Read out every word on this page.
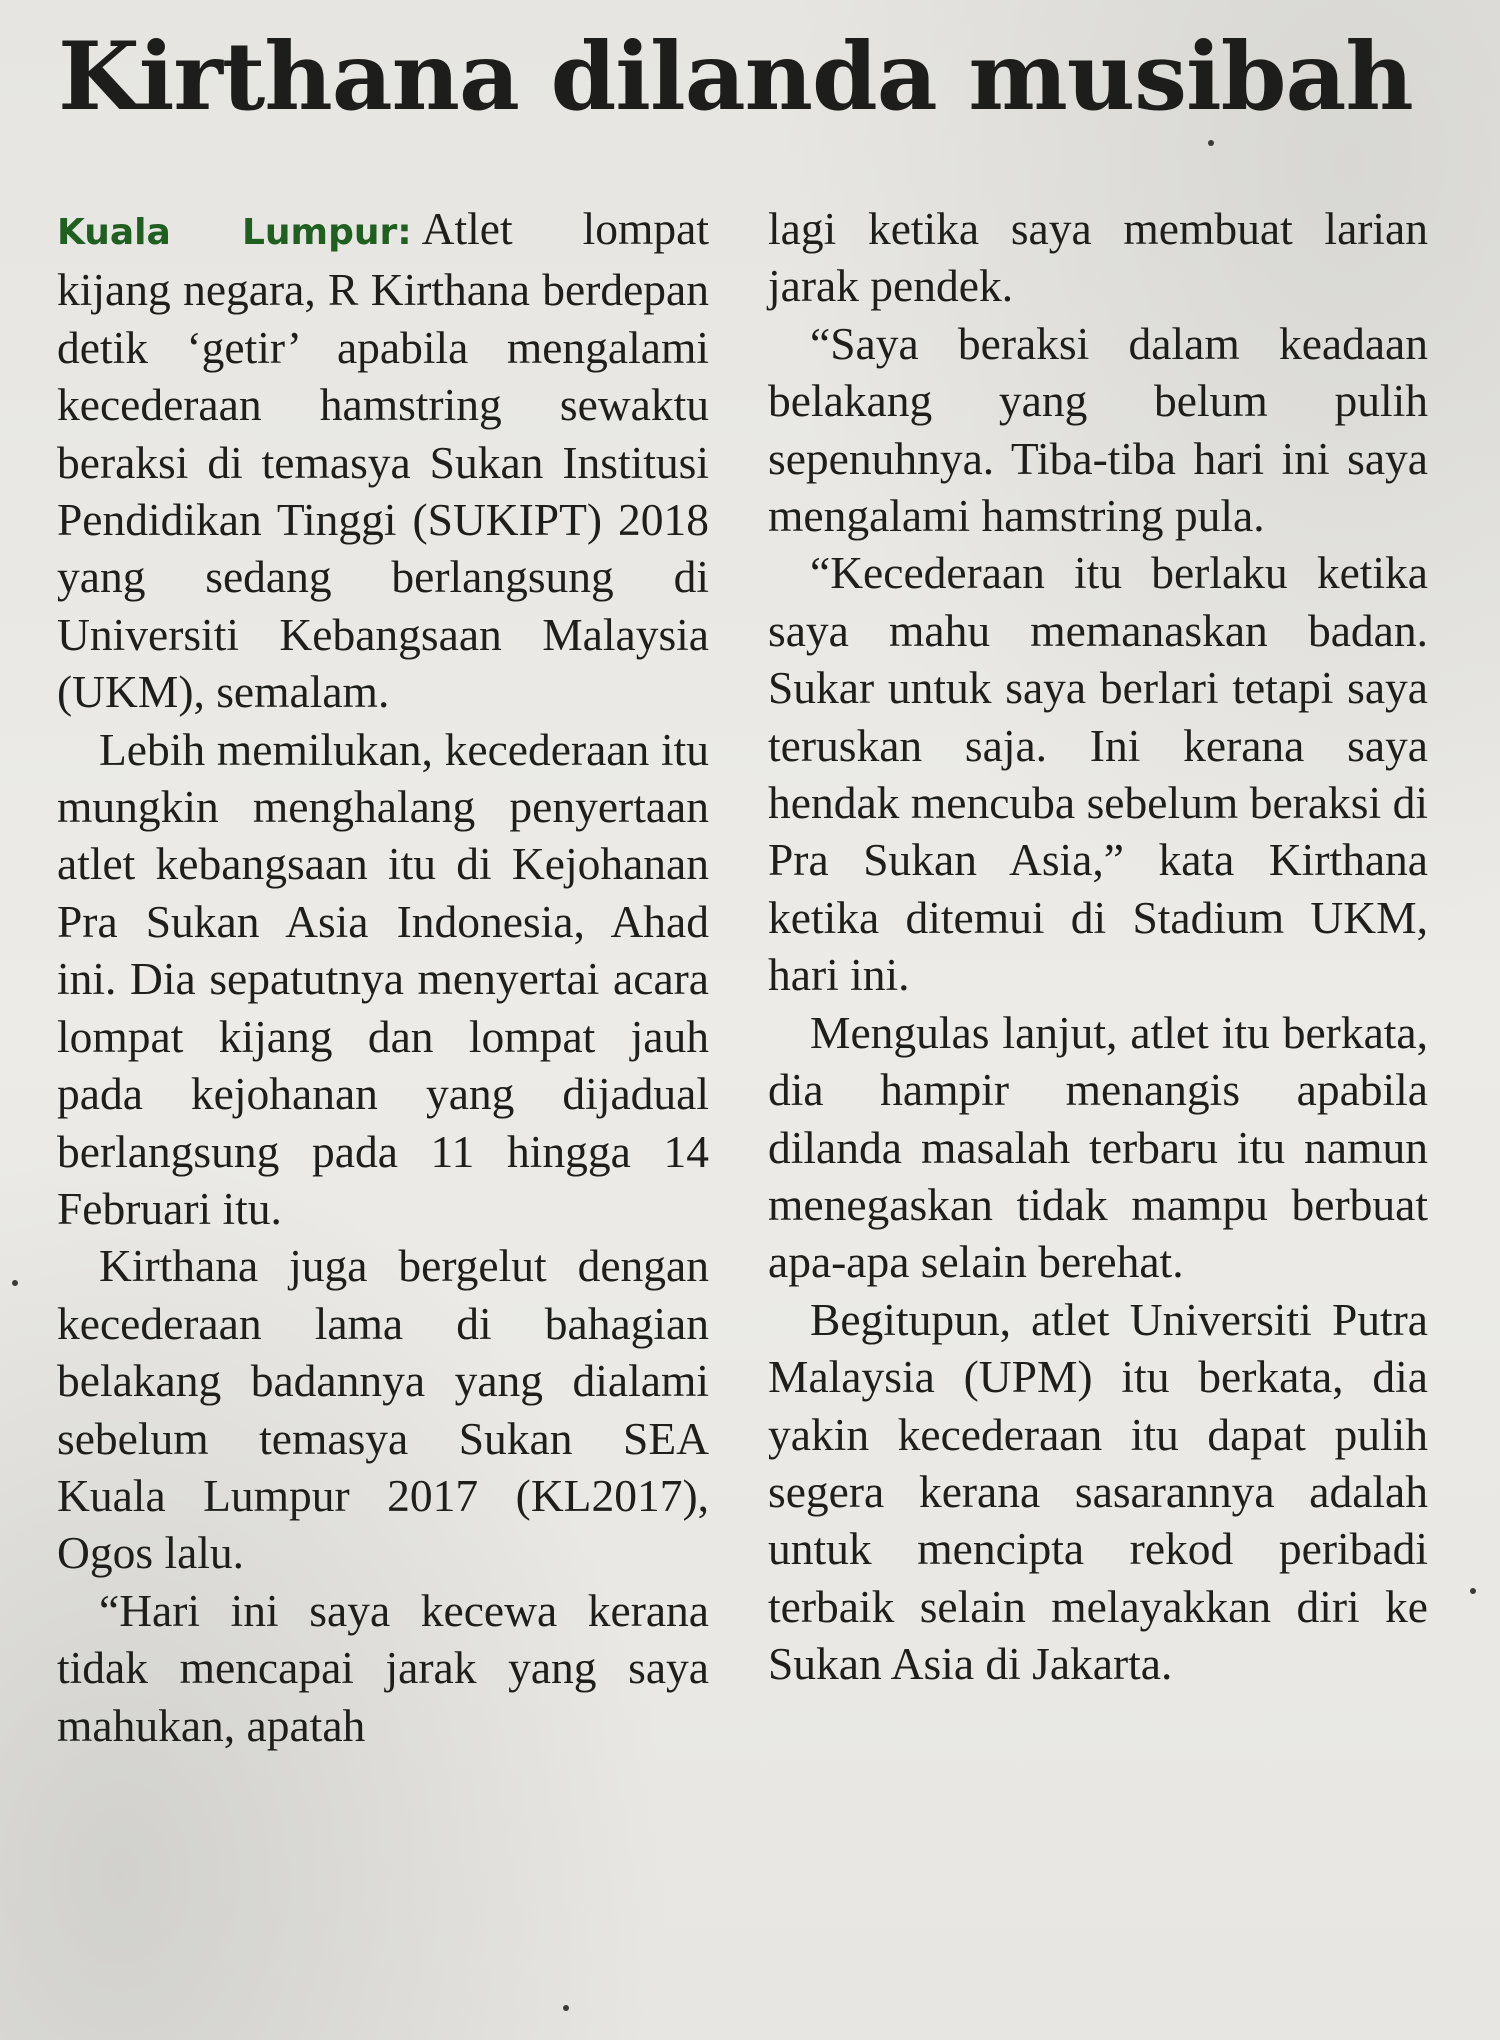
Kirthana dilanda musibah

Kuala Lumpur: Atlet lompat kijang negara, R Kirthana berdepan detik ‘getir’ apabila mengalami kecederaan hamstring sewaktu beraksi di temasya Sukan Institusi Pendidikan Tinggi (SUKIPT) 2018 yang sedang berlangsung di Universiti Kebangsaan Malaysia (UKM), semalam.

Lebih memilukan, kecederaan itu mungkin menghalang penyertaan atlet kebangsaan itu di Kejohanan Pra Sukan Asia Indonesia, Ahad ini. Dia sepatutnya menyertai acara lompat kijang dan lompat jauh pada kejohanan yang dijadual berlangsung pada 11 hingga 14 Februari itu.

Kirthana juga bergelut dengan kecederaan lama di bahagian belakang badannya yang dialami sebelum temasya Sukan SEA Kuala Lumpur 2017 (KL2017), Ogos lalu.

“Hari ini saya kecewa kerana tidak mencapai jarak yang saya mahukan, apatah

lagi ketika saya membuat larian jarak pendek.

“Saya beraksi dalam keadaan belakang yang belum pulih sepenuhnya. Tiba-tiba hari ini saya mengalami hamstring pula.

“Kecederaan itu berlaku ketika saya mahu memanaskan badan. Sukar untuk saya berlari tetapi saya teruskan saja. Ini kerana saya hendak mencuba sebelum beraksi di Pra Sukan Asia,” kata Kirthana ketika ditemui di Stadium UKM, hari ini.

Mengulas lanjut, atlet itu berkata, dia hampir menangis apabila dilanda masalah terbaru itu namun menegaskan tidak mampu berbuat apa-apa selain berehat.

Begitupun, atlet Universiti Putra Malaysia (UPM) itu berkata, dia yakin kecederaan itu dapat pulih segera kerana sasarannya adalah untuk mencipta rekod peribadi terbaik selain melayakkan diri ke Sukan Asia di Jakarta.
